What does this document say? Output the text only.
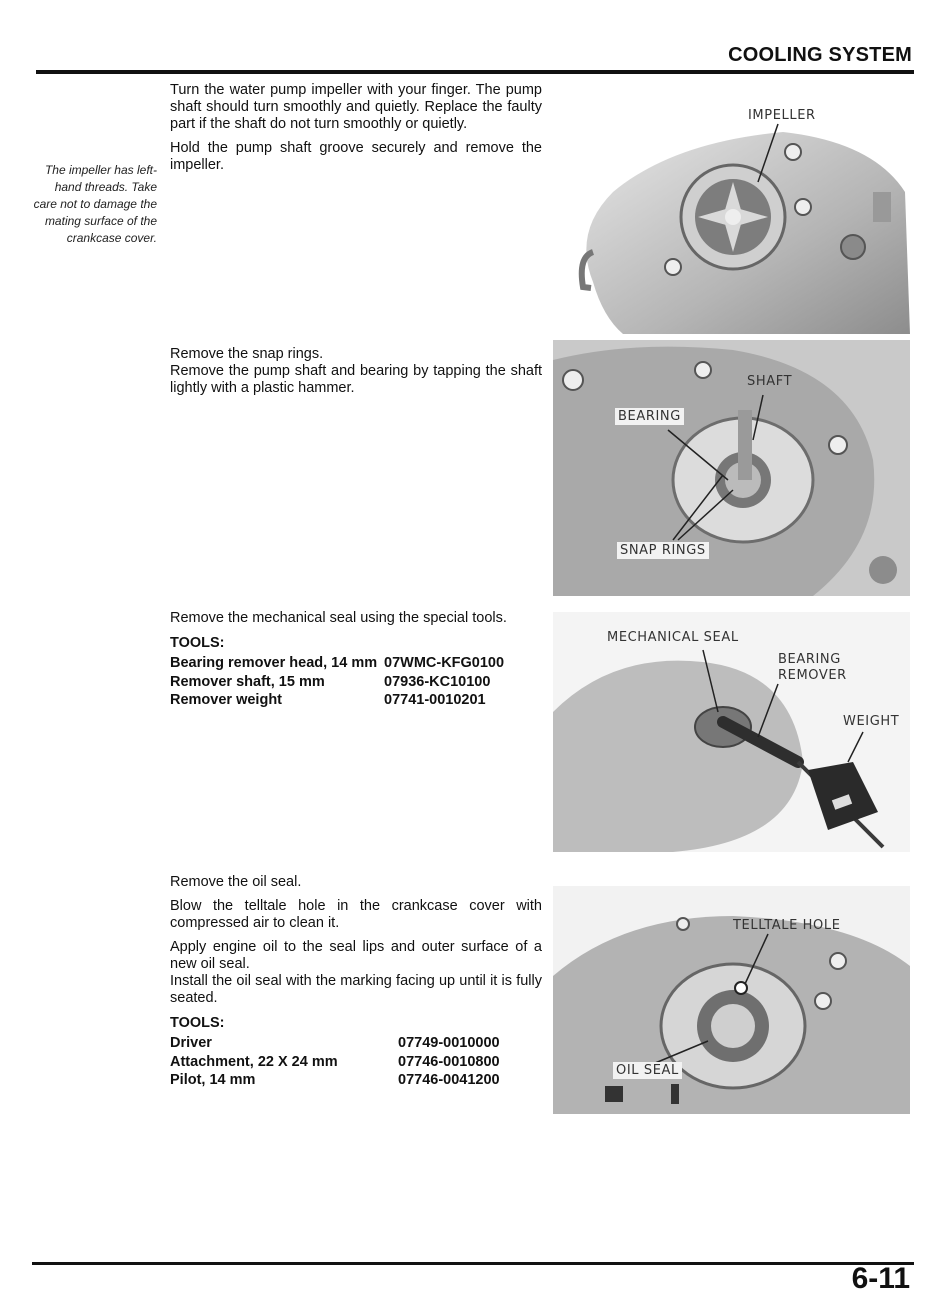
COOLING SYSTEM
The impeller has left-hand threads. Take care not to damage the mating surface of the crankcase cover.

Turn the water pump impeller with your finger. The pump shaft should turn smoothly and quietly. Replace the faulty part if the shaft do not turn smoothly or quietly.

Hold the pump shaft groove securely and remove the impeller.

Remove the snap rings.

Remove the pump shaft and bearing by tapping the shaft lightly with a plastic hammer.

Remove the mechanical seal using the special tools.

TOOLS:
Bearing remover head, 14 mm 07WMC-KFG0100
Remover shaft, 15 mm	07936-KC10100
Remover weight	07741-0010201

Remove the oil seal.

Blow the telltale hole in the crankcase cover with compressed air to clean it.

Apply engine oil to the seal lips and outer surface of a new oil seal.

Install the oil seal with the marking facing up until it is fully seated.

TOOLS:
Driver	07749-0010000
Attachment, 22 X 24 mm	07746-0010800
Pilot, 14 mm	07746-0041200
IMPELLER
SHAFT
BEARING
SNAP RINGS
MECHANICAL SEAL
BEARING
REMOVER
WEIGHT
TELLTALE HOLE
OIL SEAL
6-11
